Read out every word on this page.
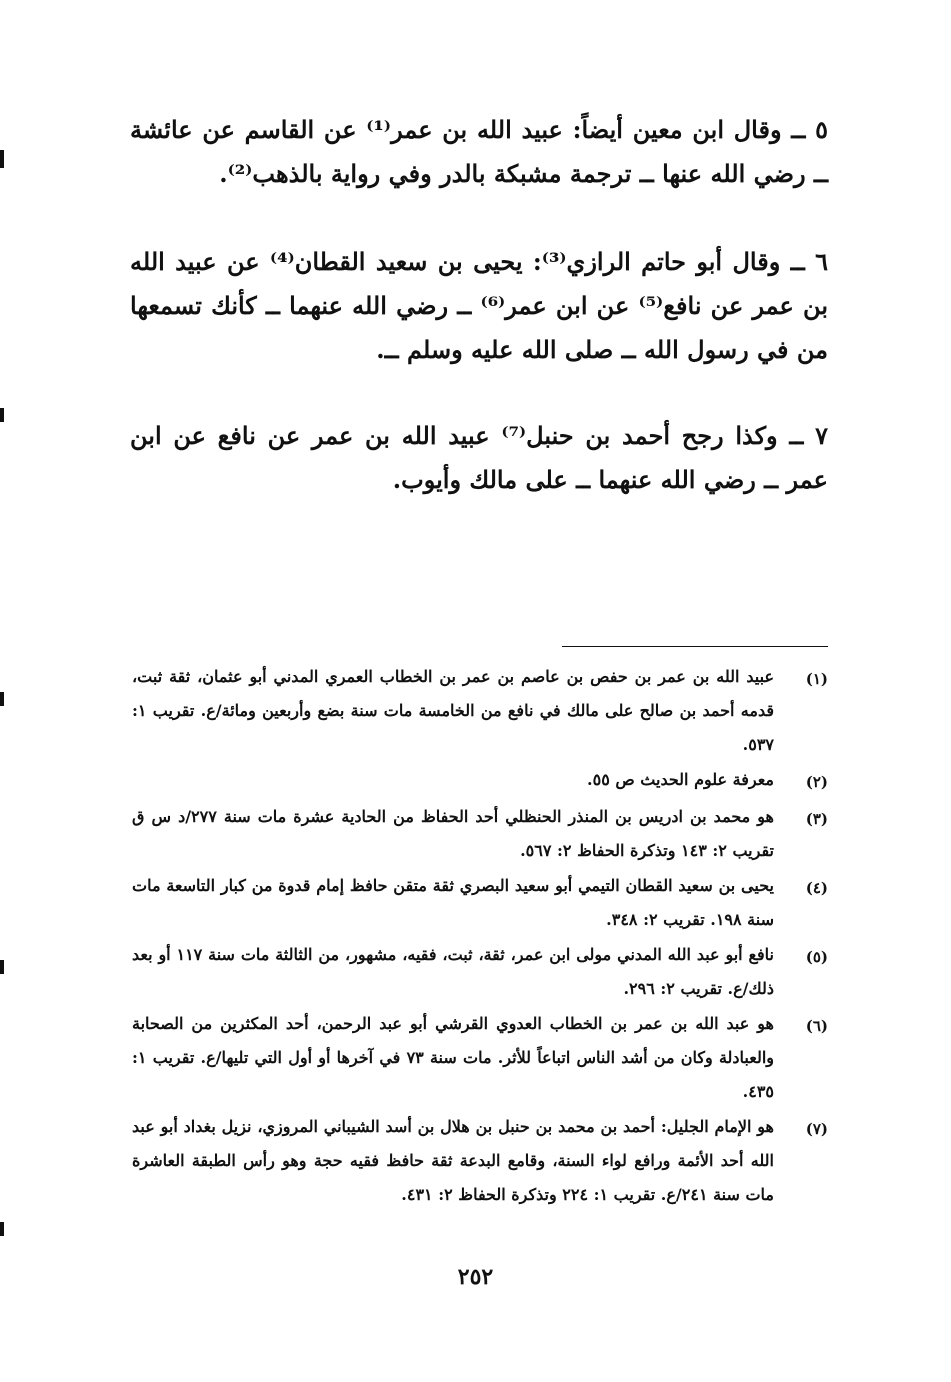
٥ ــ وقال ابن معين أيضاً: عبيد الله بن عمر⁽¹⁾ عن القاسم عن عائشة ــ رضي الله عنها ــ ترجمة مشبكة بالدر وفي رواية بالذهب⁽²⁾.

٦ ــ وقال أبو حاتم الرازي⁽³⁾: يحيى بن سعيد القطان⁽⁴⁾ عن عبيد الله بن عمر عن نافع⁽⁵⁾ عن ابن عمر⁽⁶⁾ ــ رضي الله عنهما ــ كأنك تسمعها من في رسول الله ــ صلى الله عليه وسلم ــ.

٧ ــ وكذا رجح أحمد بن حنبل⁽⁷⁾ عبيد الله بن عمر عن نافع عن ابن عمر ــ رضي الله عنهما ــ على مالك وأيوب.

(١)
عبيد الله بن عمر بن حفص بن عاصم بن عمر بن الخطاب العمري المدني أبو عثمان، ثقة ثبت، قدمه أحمد بن صالح على مالك في نافع من الخامسة مات سنة بضع وأربعين ومائة/ع. تقريب ١: ٥٣٧.
(٢)
معرفة علوم الحديث ص ٥٥.
(٣)
هو محمد بن ادريس بن المنذر الحنظلي أحد الحفاظ من الحادية عشرة مات سنة ٢٧٧/د س ق تقريب ٢: ١٤٣ وتذكرة الحفاظ ٢: ٥٦٧.
(٤)
يحيى بن سعيد القطان التيمي أبو سعيد البصري ثقة متقن حافظ إمام قدوة من كبار التاسعة مات سنة ١٩٨. تقريب ٢: ٣٤٨.
(٥)
نافع أبو عبد الله المدني مولى ابن عمر، ثقة، ثبت، فقيه، مشهور، من الثالثة مات سنة ١١٧ أو بعد ذلك/ع. تقريب ٢: ٢٩٦.
(٦)
هو عبد الله بن عمر بن الخطاب العدوي القرشي أبو عبد الرحمن، أحد المكثرين من الصحابة والعبادلة وكان من أشد الناس اتباعاً للأثر. مات سنة ٧٣ في آخرها أو أول التي تليها/ع. تقريب ١: ٤٣٥.
(٧)
هو الإمام الجليل: أحمد بن محمد بن حنبل بن هلال بن أسد الشيباني المروزي، نزيل بغداد أبو عبد الله أحد الأئمة ورافع لواء السنة، وقامع البدعة ثقة حافظ فقيه حجة وهو رأس الطبقة العاشرة مات سنة ٢٤١/ع. تقريب ١: ٢٢٤ وتذكرة الحفاظ ٢: ٤٣١.
٢٥٢
